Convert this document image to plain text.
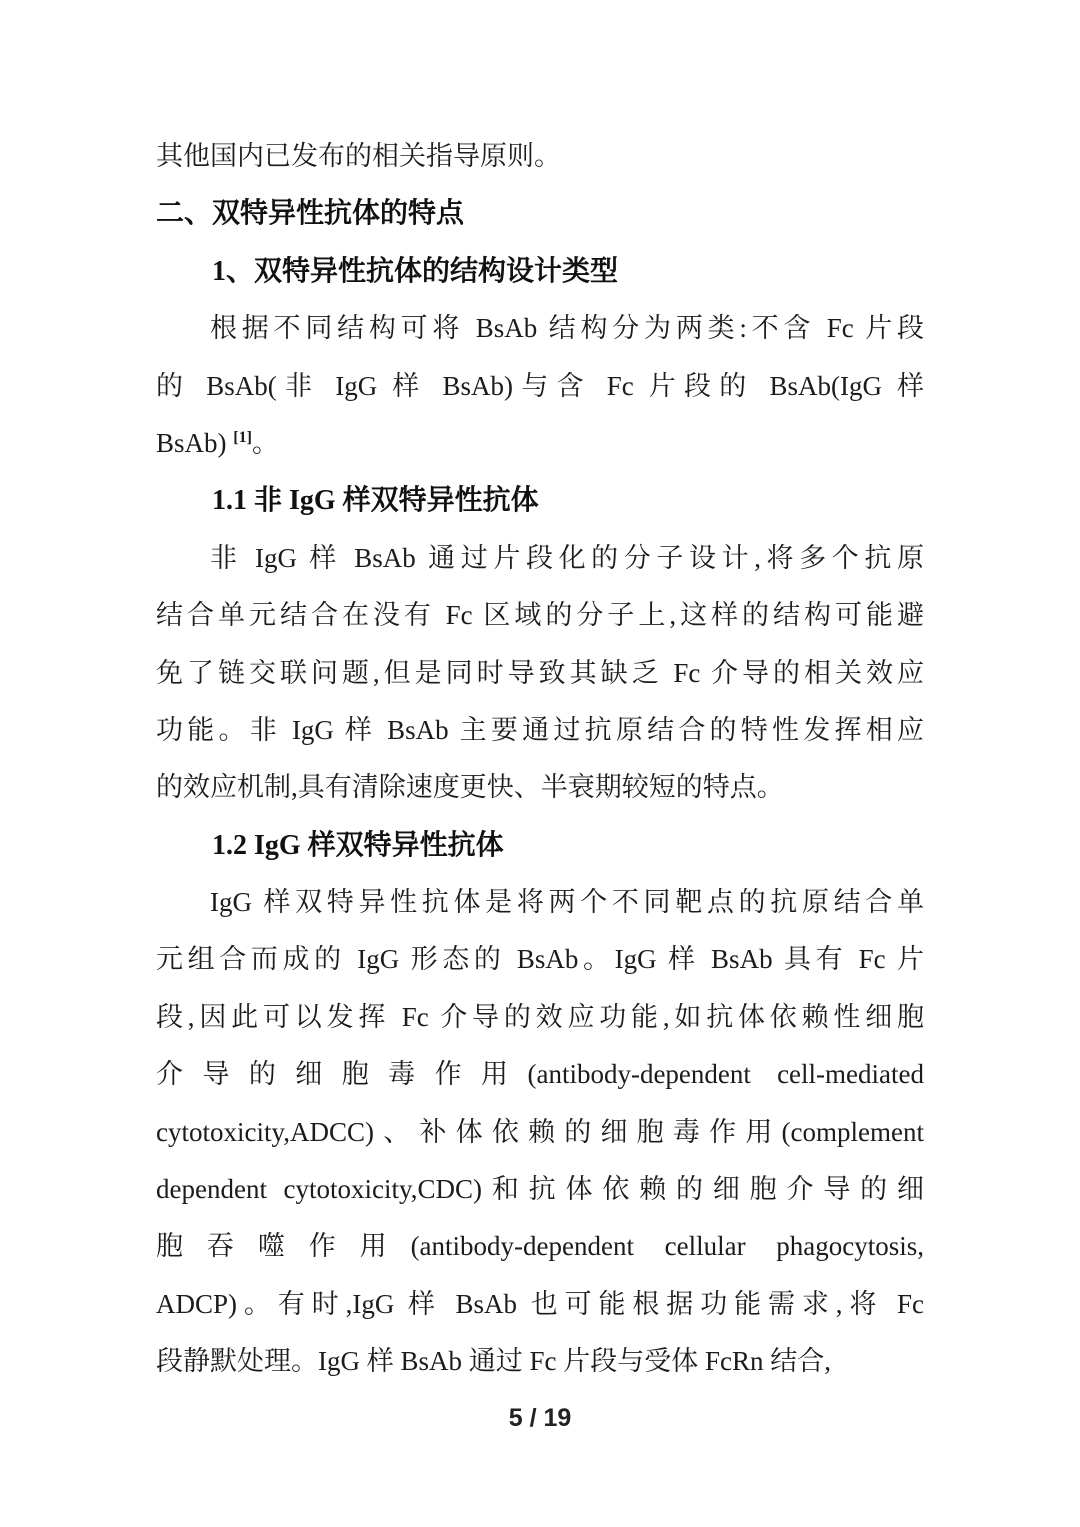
其他国内已发布的相关指导原则。
二、双特异性抗体的特点
1、双特异性抗体的结构设计类型
根据不同结构可将 BsAb 结构分为两类:不含 Fc 片段
的 BsAb(非 IgG 样 BsAb)与含 Fc 片段的 BsAb(IgG 样
BsAb) [1]。
1.1 非 IgG 样双特异性抗体
非 IgG 样 BsAb 通过片段化的分子设计,将多个抗原
结合单元结合在没有 Fc 区域的分子上,这样的结构可能避
免了链交联问题,但是同时导致其缺乏 Fc 介导的相关效应
功能。非 IgG 样 BsAb 主要通过抗原结合的特性发挥相应
的效应机制,具有清除速度更快、半衰期较短的特点。
1.2 IgG 样双特异性抗体
IgG 样双特异性抗体是将两个不同靶点的抗原结合单
元组合而成的 IgG 形态的 BsAb。IgG 样 BsAb 具有 Fc 片
段,因此可以发挥 Fc 介导的效应功能,如抗体依赖性细胞
介导的细胞毒作用(antibody-dependent cell-mediated
cytotoxicity,ADCC)、补体依赖的细胞毒作用(complement
dependent cytotoxicity,CDC)和抗体依赖的细胞介导的细
胞吞噬作用(antibody-dependent cellular phagocytosis,
ADCP)。有时,IgG 样 BsAb 也可能根据功能需求,将 Fc
段静默处理。IgG 样 BsAb 通过 Fc 片段与受体 FcRn 结合,
5 / 19
